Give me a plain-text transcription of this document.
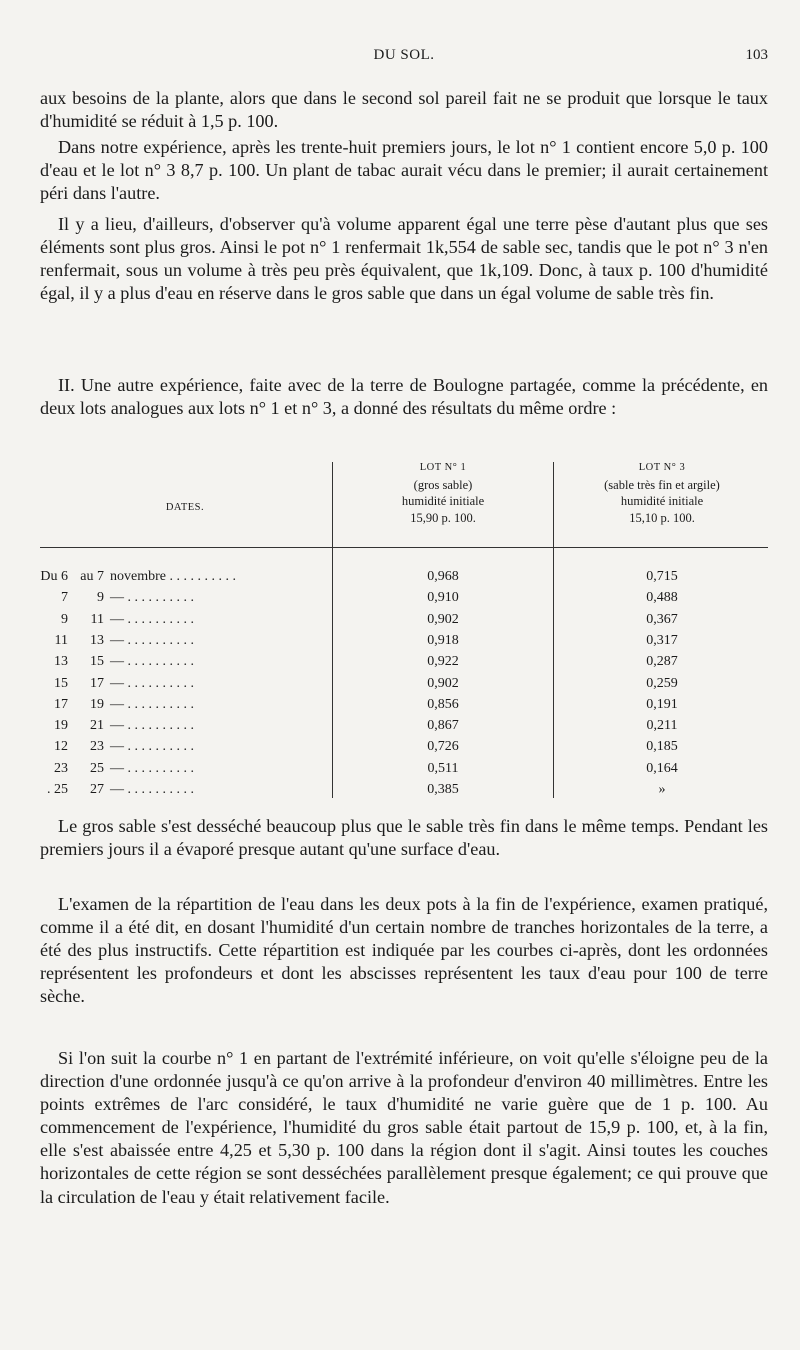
DU SOL.	103

aux besoins de la plante, alors que dans le second sol pareil fait ne se produit que lorsque le taux d'humidité se réduit à 1,5 p. 100.

Dans notre expérience, après les trente-huit premiers jours, le lot n° 1 contient encore 5,0 p. 100 d'eau et le lot n° 3 8,7 p. 100. Un plant de tabac aurait vécu dans le premier; il aurait certainement péri dans l'autre.

Il y a lieu, d'ailleurs, d'observer qu'à volume apparent égal une terre pèse d'autant plus que ses éléments sont plus gros. Ainsi le pot n° 1 renfermait 1k,554 de sable sec, tandis que le pot n° 3 n'en renfermait, sous un volume à très peu près équivalent, que 1k,109. Donc, à taux p. 100 d'humidité égal, il y a plus d'eau en réserve dans le gros sable que dans un égal volume de sable très fin.

II. Une autre expérience, faite avec de la terre de Boulogne partagée, comme la précédente, en deux lots analogues aux lots n° 1 et n° 3, a donné des résultats du même ordre :

DATES.
LOT N° 1
(gros sable)
humidité initiale
15,90 p. 100.
LOT N° 3
(sable très fin et argile)
humidité initiale
15,10 p. 100.
Du 6 au 7 novembre . . . . . . . . . .	0,968	0,715
7 9 — . . . . . . . . . .	0,910	0,488
9 11 — . . . . . . . . . .	0,902	0,367
11 13 — . . . . . . . . . .	0,918	0,317
13 15 — . . . . . . . . . .	0,922	0,287
15 17 — . . . . . . . . . .	0,902	0,259
17 19 — . . . . . . . . . .	0,856	0,191
19 21 — . . . . . . . . . .	0,867	0,211
12 23 — . . . . . . . . . .	0,726	0,185
23 25 — . . . . . . . . . .	0,511	0,164
. 25 27 — . . . . . . . . . .	0,385	»

Le gros sable s'est desséché beaucoup plus que le sable très fin dans le même temps. Pendant les premiers jours il a évaporé presque autant qu'une surface d'eau.

L'examen de la répartition de l'eau dans les deux pots à la fin de l'expérience, examen pratiqué, comme il a été dit, en dosant l'humidité d'un certain nombre de tranches horizontales de la terre, a été des plus instructifs. Cette répartition est indiquée par les courbes ci-après, dont les ordonnées représentent les profondeurs et dont les abscisses représentent les taux d'eau pour 100 de terre sèche.

Si l'on suit la courbe n° 1 en partant de l'extrémité inférieure, on voit qu'elle s'éloigne peu de la direction d'une ordonnée jusqu'à ce qu'on arrive à la profondeur d'environ 40 millimètres. Entre les points extrêmes de l'arc considéré, le taux d'humidité ne varie guère que de 1 p. 100. Au commencement de l'expérience, l'humidité du gros sable était partout de 15,9 p. 100, et, à la fin, elle s'est abaissée entre 4,25 et 5,30 p. 100 dans la région dont il s'agit. Ainsi toutes les couches horizontales de cette région se sont desséchées parallèlement presque également; ce qui prouve que la circulation de l'eau y était relativement facile.
